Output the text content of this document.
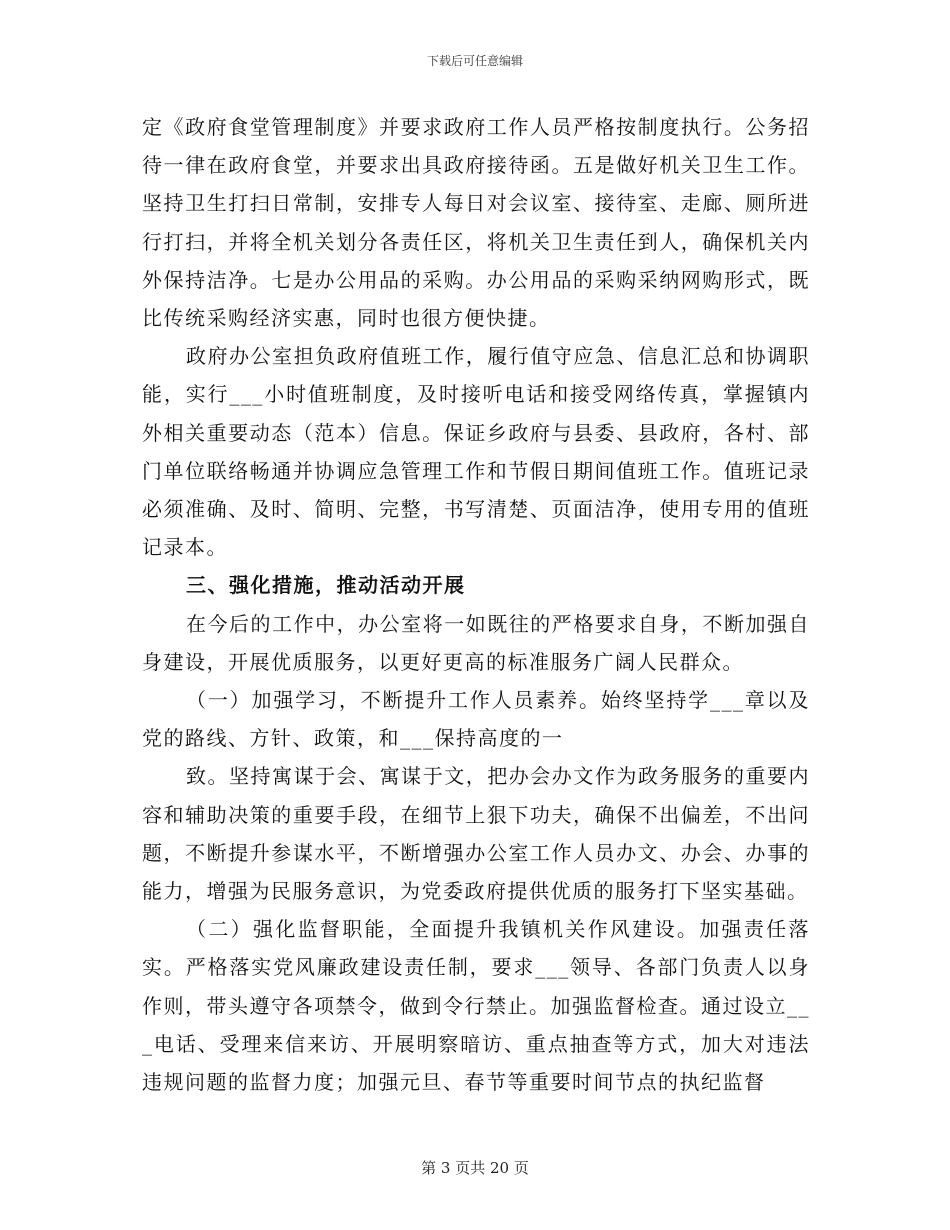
下载后可任意编辑

定《政府食堂管理制度》并要求政府工作人员严格按制度执行。公务招待一律在政府食堂，并要求出具政府接待函。五是做好机关卫生工作。坚持卫生打扫日常制，安排专人每日对会议室、接待室、走廊、厕所进行打扫，并将全机关划分各责任区，将机关卫生责任到人，确保机关内外保持洁净。七是办公用品的采购。办公用品的采购采纳网购形式，既比传统采购经济实惠，同时也很方便快捷。

政府办公室担负政府值班工作，履行值守应急、信息汇总和协调职能，实行___小时值班制度，及时接听电话和接受网络传真，掌握镇内外相关重要动态（范本）信息。保证乡政府与县委、县政府，各村、部门单位联络畅通并协调应急管理工作和节假日期间值班工作。值班记录必须准确、及时、简明、完整，书写清楚、页面洁净，使用专用的值班记录本。

三、强化措施，推动活动开展

在今后的工作中，办公室将一如既往的严格要求自身，不断加强自身建设，开展优质服务，以更好更高的标准服务广阔人民群众。

（一）加强学习，不断提升工作人员素养。始终坚持学___章以及党的路线、方针、政策，和___保持高度的一

致。坚持寓谋于会、寓谋于文，把办会办文作为政务服务的重要内容和辅助决策的重要手段，在细节上狠下功夫，确保不出偏差，不出问题，不断提升参谋水平，不断增强办公室工作人员办文、办会、办事的能力，增强为民服务意识，为党委政府提供优质的服务打下坚实基础。

（二）强化监督职能，全面提升我镇机关作风建设。加强责任落实。严格落实党风廉政建设责任制，要求___领导、各部门负责人以身作则，带头遵守各项禁令，做到令行禁止。加强监督检查。通过设立___电话、受理来信来访、开展明察暗访、重点抽查等方式，加大对违法违规问题的监督力度；加强元旦、春节等重要时间节点的执纪监督

第 3 页共 20 页
